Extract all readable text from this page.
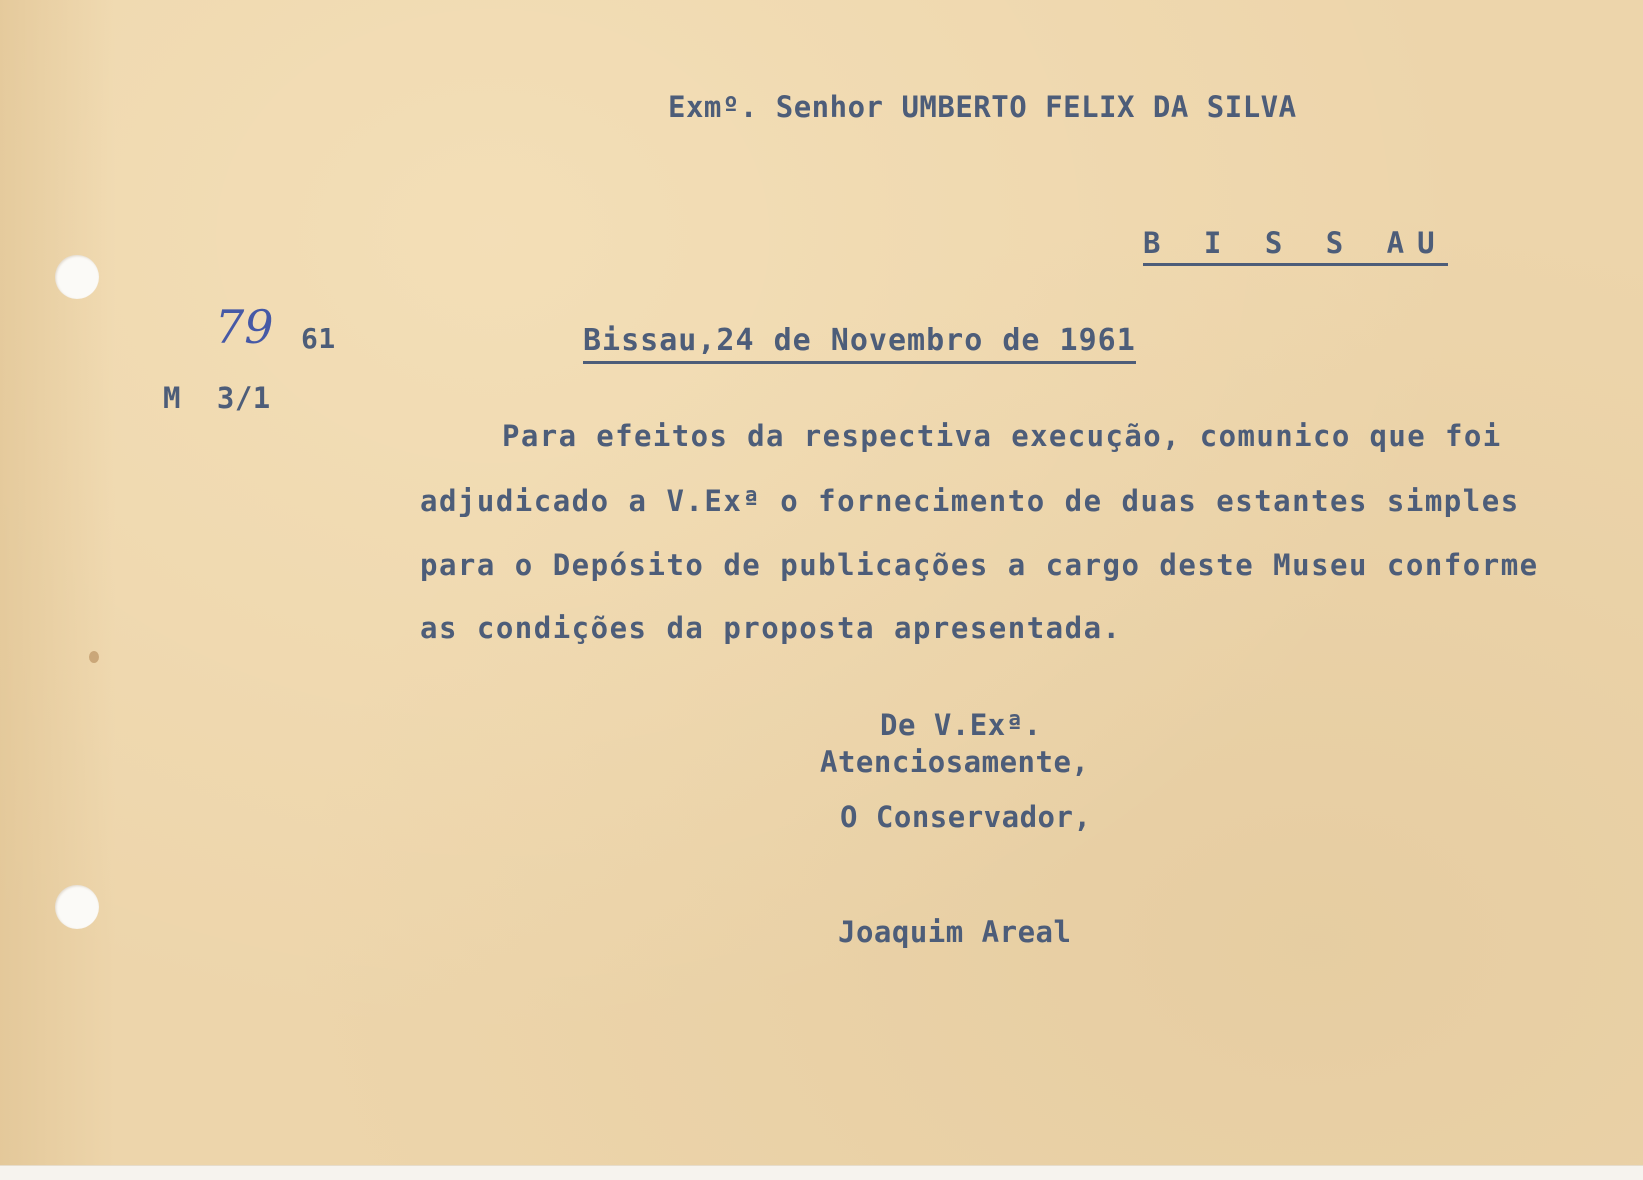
Exmº. Senhor UMBERTO FELIX DA SILVA
B I S S AU
79 61
M  3/1
Bissau,24 de Novembro de 1961
Para efeitos da respectiva execução, comunico que foi
adjudicado a V.Exª o fornecimento de duas estantes simples
para o Depósito de publicações a cargo deste Museu conforme
as condições da proposta apresentada.
De V.Exª.
Atenciosamente,
O Conservador,
Joaquim Areal
